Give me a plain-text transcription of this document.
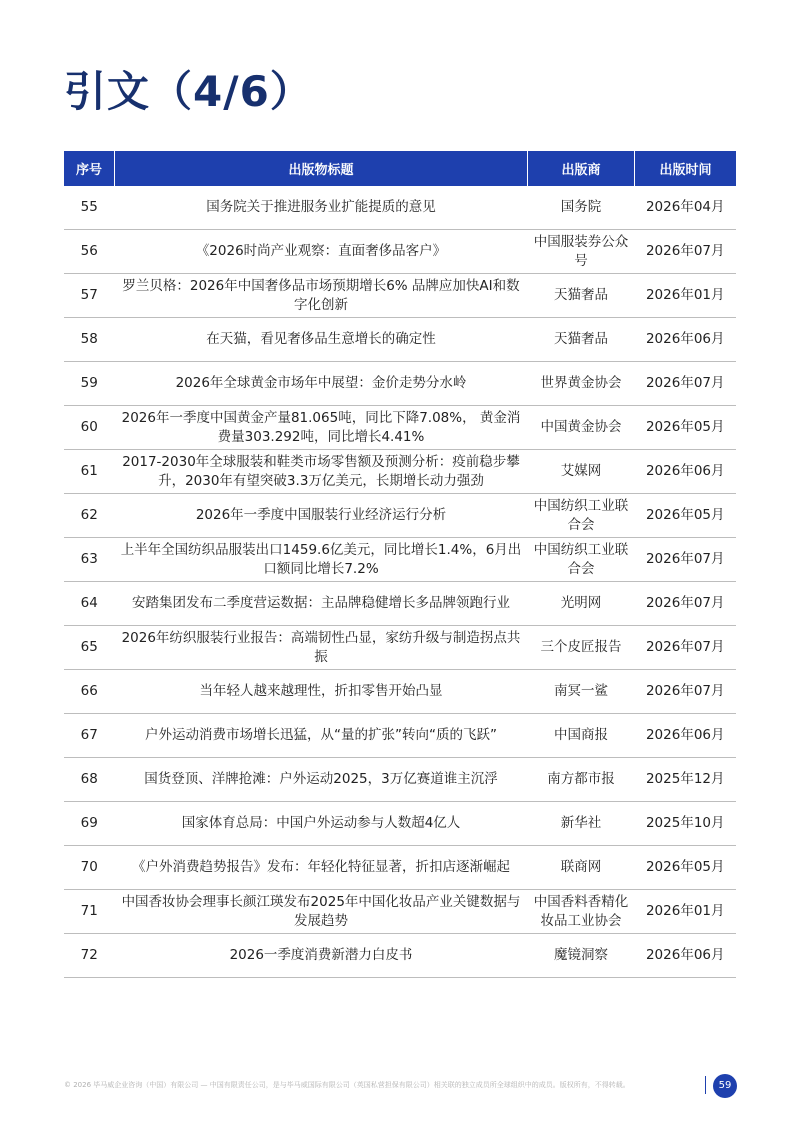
引文（4/6）
序号	出版物标题	出版商	出版时间
55	国务院关于推进服务业扩能提质的意见	国务院	2026年04月
56	《2026时尚产业观察：直面奢侈品客户》	中国服装券公众号	2026年07月
57	罗兰贝格：2026年中国奢侈品市场预期增长6% 品牌应加快AI和数字化创新	天猫奢品	2026年01月
58	在天猫，看见奢侈品生意增长的确定性	天猫奢品	2026年06月
59	2026年全球黄金市场年中展望：金价走势分水岭	世界黄金协会	2026年07月
60	2026年一季度中国黄金产量81.065吨，同比下降7.08%， 黄金消费量303.292吨，同比增长4.41%	中国黄金协会	2026年05月
61	2017-2030年全球服装和鞋类市场零售额及预测分析：疫前稳步攀升，2030年有望突破3.3万亿美元，长期增长动力强劲	艾媒网	2026年06月
62	2026年一季度中国服装行业经济运行分析	中国纺织工业联合会	2026年05月
63	上半年全国纺织品服装出口1459.6亿美元，同比增长1.4%，6月出口额同比增长7.2%	中国纺织工业联合会	2026年07月
64	安踏集团发布二季度营运数据：主品牌稳健增长多品牌领跑行业	光明网	2026年07月
65	2026年纺织服装行业报告：高端韧性凸显，家纺升级与制造拐点共振	三个皮匠报告	2026年07月
66	当年轻人越来越理性，折扣零售开始凸显	南冥一鲨	2026年07月
67	户外运动消费市场增长迅猛，从“量的扩张”转向“质的飞跃”	中国商报	2026年06月
68	国货登顶、洋牌抢滩：户外运动2025，3万亿赛道谁主沉浮	南方都市报	2025年12月
69	国家体育总局：中国户外运动参与人数超4亿人	新华社	2025年10月
70	《户外消费趋势报告》发布：年轻化特征显著，折扣店逐渐崛起	联商网	2026年05月
71	中国香妆协会理事长颜江瑛发布2025年中国化妆品产业关键数据与发展趋势	中国香料香精化妆品工业协会	2026年01月
72	2026一季度消费新潜力白皮书	魔镜洞察	2026年06月
© 2026 毕马威企业咨询（中国）有限公司 — 中国有限责任公司，是与毕马威国际有限公司（英国私营担保有限公司）相关联的独立成员所全球组织中的成员。版权所有，不得转载。	59
